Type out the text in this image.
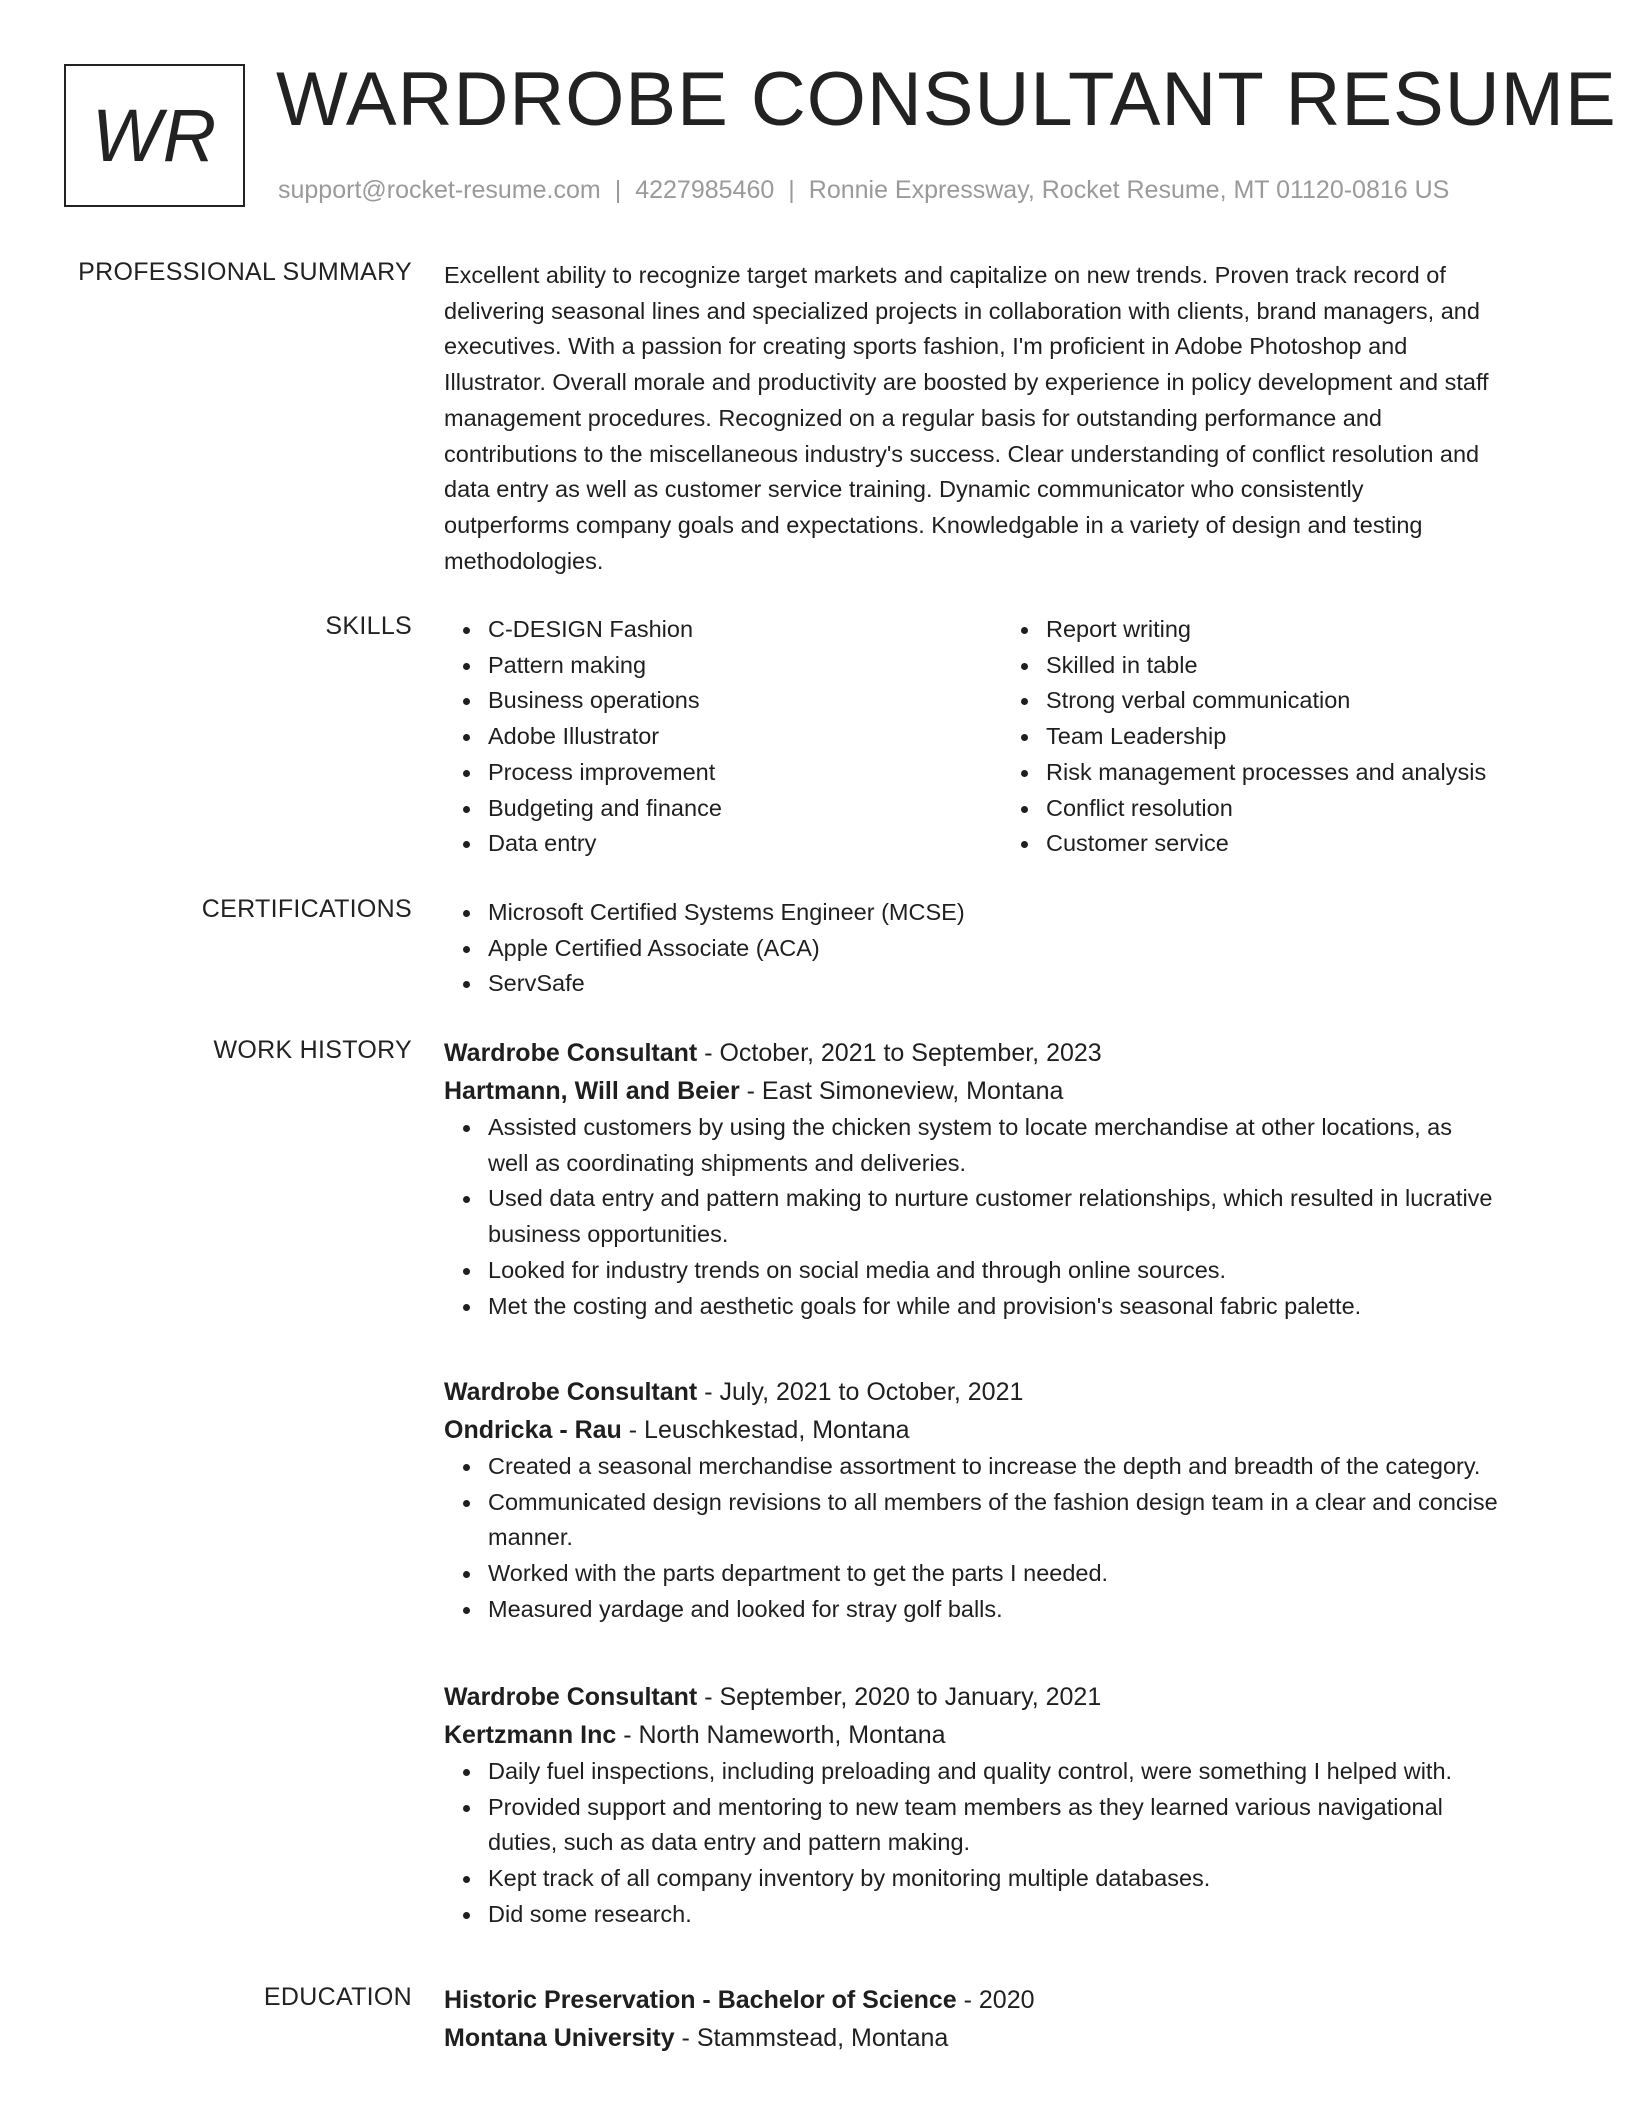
WR WARDROBE CONSULTANT RESUME
support@rocket-resume.com | 4227985460 | Ronnie Expressway, Rocket Resume, MT 01120-0816 US
PROFESSIONAL SUMMARY Excellent ability to recognize target markets and capitalize on new trends. Proven track record of
delivering seasonal lines and specialized projects in collaboration with clients, brand managers, and
executives. With a passion for creating sports fashion, I'm proficient in Adobe Photoshop and
Illustrator. Overall morale and productivity are boosted by experience in policy development and staff
management procedures. Recognized on a regular basis for outstanding performance and
contributions to the miscellaneous industry's success. Clear understanding of conflict resolution and
data entry as well as customer service training. Dynamic communicator who consistently
outperforms company goals and expectations. Knowledgable in a variety of design and testing
methodologies.

SKILLS	C-DESIGN Fashion
Pattern making
Business operations
Adobe Illustrator
Process improvement
Budgeting and finance
Data entry
Report writing
Skilled in table
Strong verbal communication
Team Leadership
Risk management processes and analysis
Conflict resolution
Customer service
CERTIFICATIONS	Microsoft Certified Systems Engineer (MCSE)
Apple Certified Associate (ACA)
ServSafe
WORK HISTORY Wardrobe Consultant - October, 2021 to September, 2023
Hartmann, Will and Beier - East Simoneview, Montana
Assisted customers by using the chicken system to locate merchandise at other locations, as
well as coordinating shipments and deliveries.
Used data entry and pattern making to nurture customer relationships, which resulted in lucrative
business opportunities.
Looked for industry trends on social media and through online sources.
Met the costing and aesthetic goals for while and provision's seasonal fabric palette.
Wardrobe Consultant - July, 2021 to October, 2021
Ondricka - Rau - Leuschkestad, Montana
Created a seasonal merchandise assortment to increase the depth and breadth of the category.
Communicated design revisions to all members of the fashion design team in a clear and concise
manner.
Worked with the parts department to get the parts I needed.
Measured yardage and looked for stray golf balls.
Wardrobe Consultant - September, 2020 to January, 2021
Kertzmann Inc - North Nameworth, Montana
Daily fuel inspections, including preloading and quality control, were something I helped with.
Provided support and mentoring to new team members as they learned various navigational
duties, such as data entry and pattern making.
Kept track of all company inventory by monitoring multiple databases.
Did some research.
EDUCATION Historic Preservation - Bachelor of Science - 2020
Montana University - Stammstead, Montana
